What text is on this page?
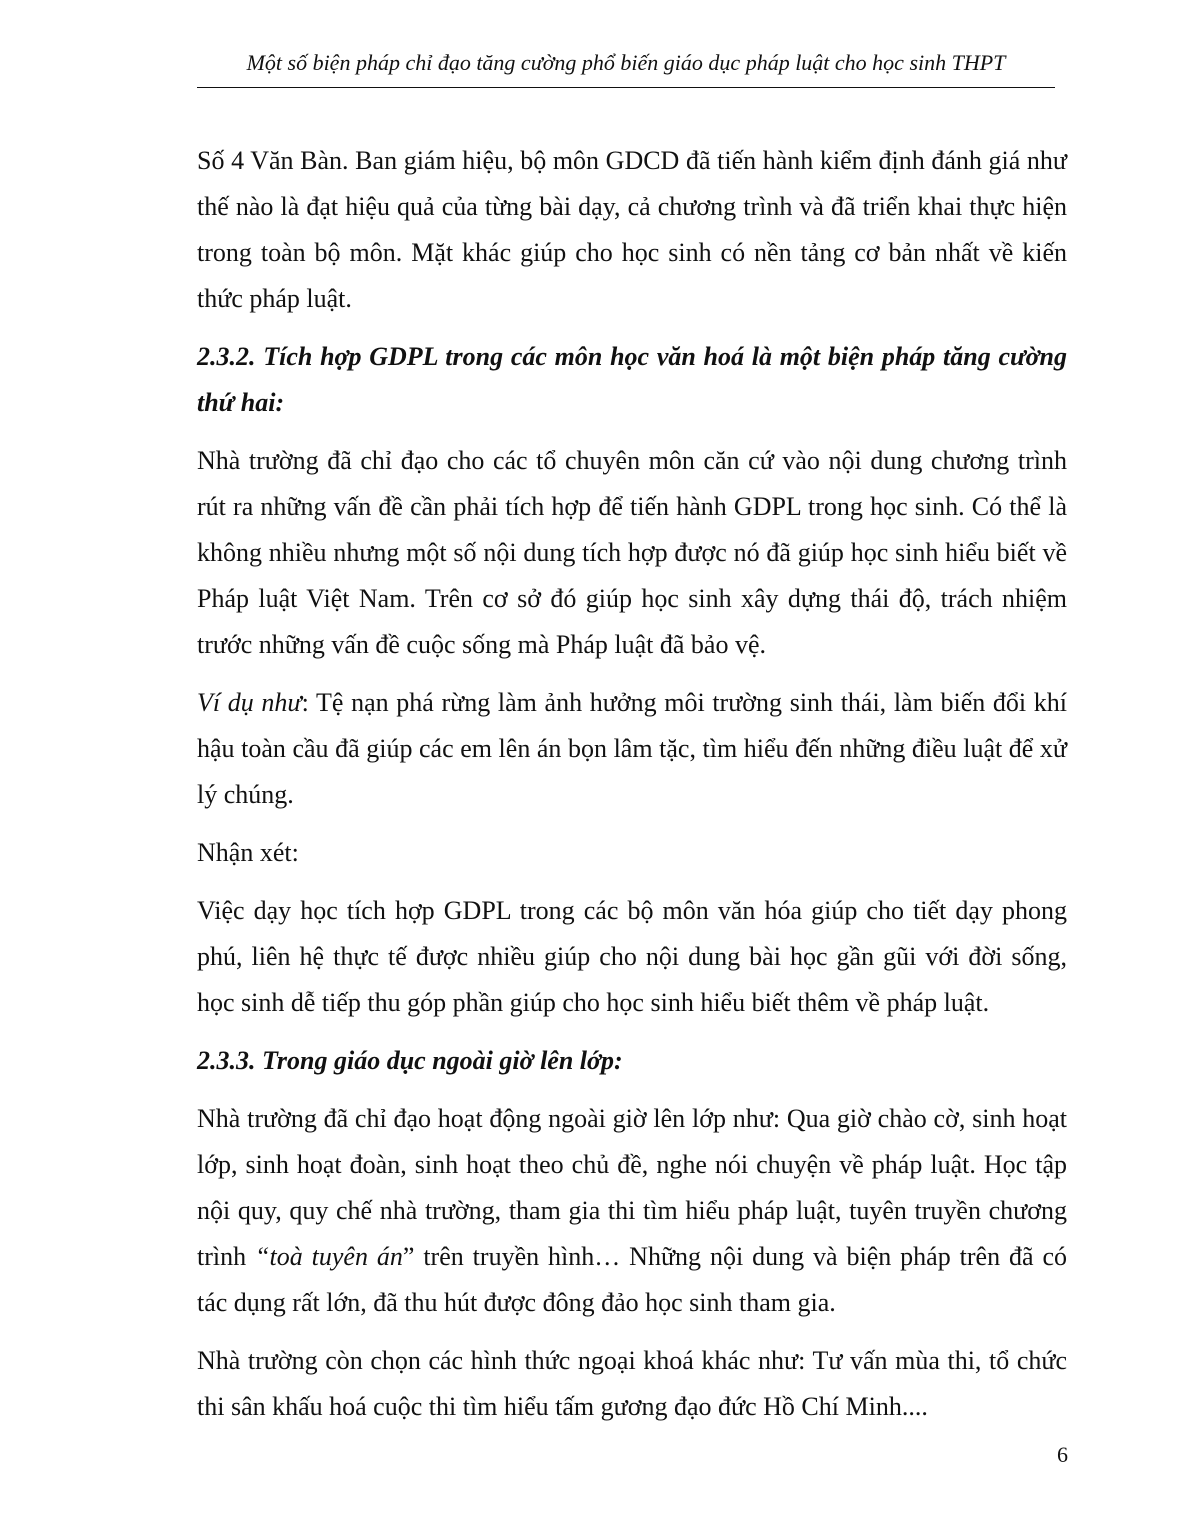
Một số biện pháp chỉ đạo tăng cường phổ biến giáo dục pháp luật cho học sinh THPT

Số 4 Văn Bàn. Ban giám hiệu, bộ môn GDCD đã tiến hành kiểm định đánh giá như thế nào là đạt hiệu quả của từng bài dạy, cả chương trình và đã triển khai thực hiện trong toàn bộ môn. Mặt khác giúp cho học sinh có nền tảng cơ bản nhất về kiến thức pháp luật.

2.3.2. Tích hợp GDPL trong các môn học văn hoá là một biện pháp tăng cường thứ hai:

Nhà trường đã chỉ đạo cho các tổ chuyên môn căn cứ vào nội dung chương trình rút ra những vấn đề cần phải tích hợp để tiến hành GDPL trong học sinh. Có thể là không nhiều nhưng một số nội dung tích hợp được nó đã giúp học sinh hiểu biết về Pháp luật Việt Nam. Trên cơ sở đó giúp học sinh xây dựng thái độ, trách nhiệm trước những vấn đề cuộc sống mà Pháp luật đã bảo vệ.

Ví dụ như: Tệ nạn phá rừng làm ảnh hưởng môi trường sinh thái, làm biến đổi khí hậu toàn cầu đã giúp các em lên án bọn lâm tặc, tìm hiểu đến những điều luật để xử lý chúng.

Nhận xét:

Việc dạy học tích hợp GDPL trong các bộ môn văn hóa giúp cho tiết dạy phong phú, liên hệ thực tế được nhiều giúp cho nội dung bài học gần gũi với đời sống, học sinh dễ tiếp thu góp phần giúp cho học sinh hiểu biết thêm về pháp luật.

2.3.3. Trong giáo dục ngoài giờ lên lớp:

Nhà trường đã chỉ đạo hoạt động ngoài giờ lên lớp như: Qua giờ chào cờ, sinh hoạt lớp, sinh hoạt đoàn, sinh hoạt theo chủ đề, nghe nói chuyện về pháp luật. Học tập nội quy, quy chế nhà trường, tham gia thi tìm hiểu pháp luật, tuyên truyền chương trình “toà tuyên án” trên truyền hình… Những nội dung và biện pháp trên đã có tác dụng rất lớn, đã thu hút được đông đảo học sinh tham gia.

Nhà trường còn chọn các hình thức ngoại khoá khác như: Tư vấn mùa thi, tổ chức thi sân khấu hoá cuộc thi tìm hiểu tấm gương đạo đức Hồ Chí Minh....

6
